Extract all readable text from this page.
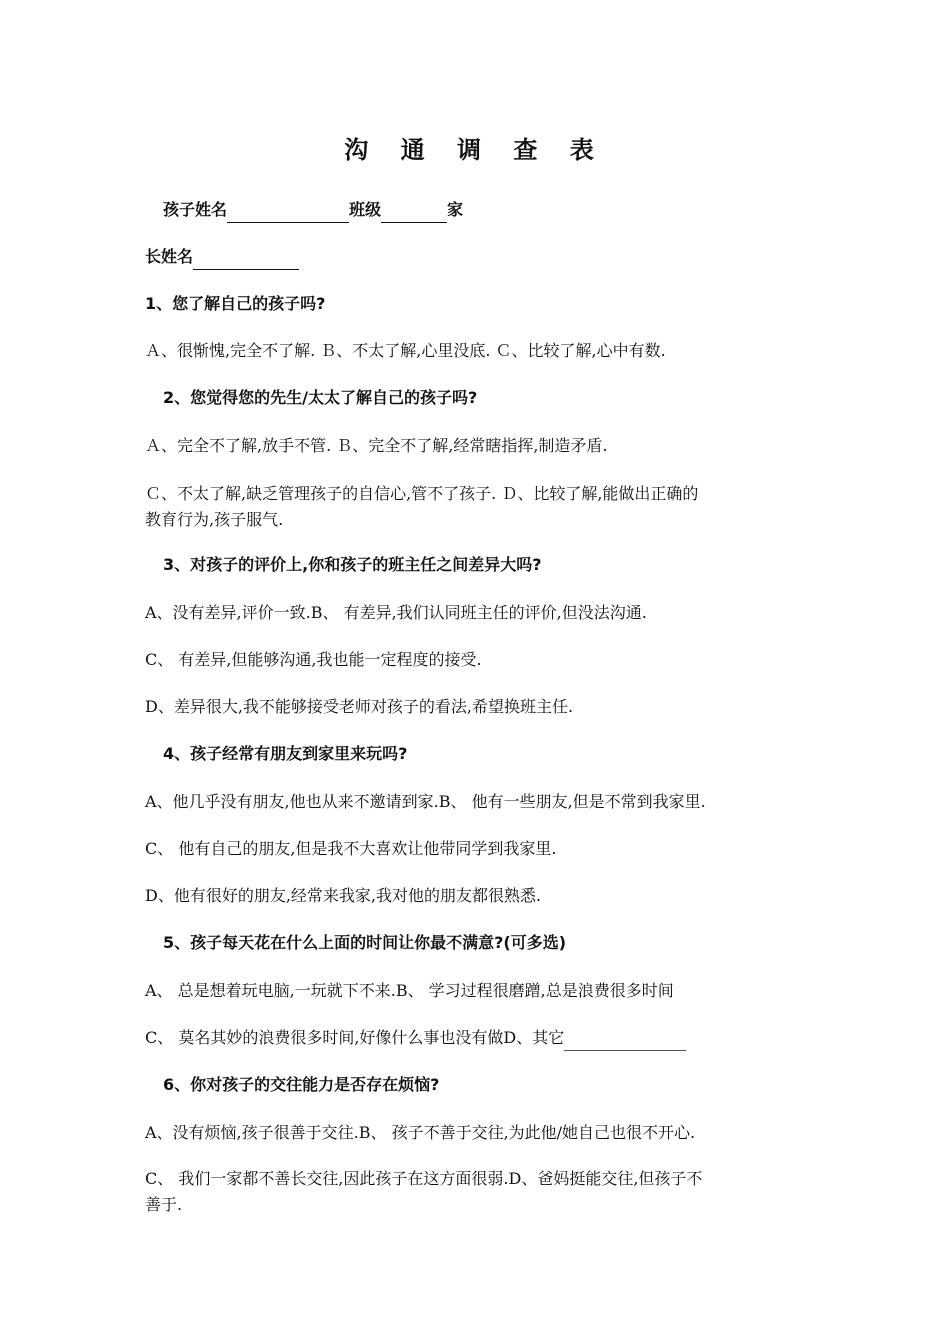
沟 通 调 查 表
孩子姓名	班级	家
长姓名
1、您了解自己的孩子吗?
Ａ、很惭愧,完全不了解. Ｂ、不太了解,心里没底. Ｃ、比较了解,心中有数.
2、您觉得您的先生/太太了解自己的孩子吗?
Ａ、完全不了解,放手不管. Ｂ、完全不了解,经常瞎指挥,制造矛盾.
Ｃ、不太了解,缺乏管理孩子的自信心,管不了孩子. Ｄ、比较了解,能做出正确的
教育行为,孩子服气.
3、对孩子的评价上,你和孩子的班主任之间差异大吗?
A、没有差异,评价一致.B、 有差异,我们认同班主任的评价,但没法沟通.
C、 有差异,但能够沟通,我也能一定程度的接受.
D、差异很大,我不能够接受老师对孩子的看法,希望换班主任.
4、孩子经常有朋友到家里来玩吗?
A、他几乎没有朋友,他也从来不邀请到家.B、 他有一些朋友,但是不常到我家里.
C、 他有自己的朋友,但是我不大喜欢让他带同学到我家里.
D、他有很好的朋友,经常来我家,我对他的朋友都很熟悉.
5、孩子每天花在什么上面的时间让你最不满意?(可多选)
A、 总是想着玩电脑,一玩就下不来.B、 学习过程很磨蹭,总是浪费很多时间
C、 莫名其妙的浪费很多时间,好像什么事也没有做D、其它
6、你对孩子的交往能力是否存在烦恼?
A、没有烦恼,孩子很善于交往.B、 孩子不善于交往,为此他/她自己也很不开心.
C、 我们一家都不善长交往,因此孩子在这方面很弱.D、爸妈挺能交往,但孩子不
善于.
